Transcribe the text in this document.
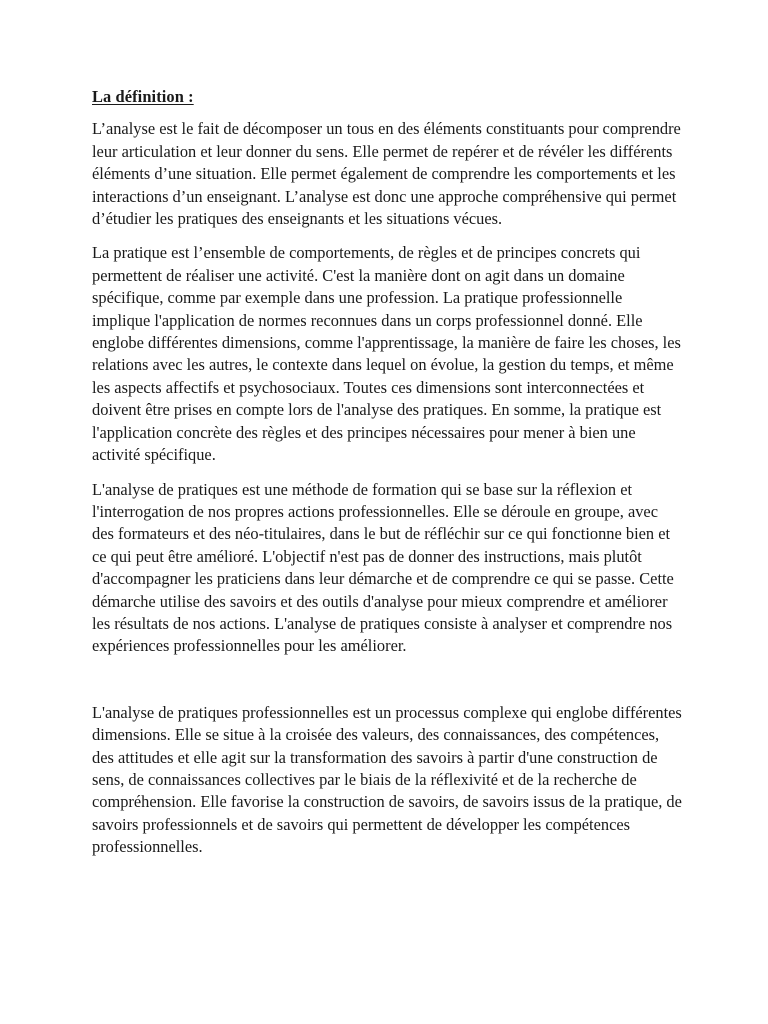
La définition :

L’analyse est le fait de décomposer un tous en des éléments constituants pour comprendre leur articulation et leur donner du sens. Elle permet de repérer et de révéler les différents éléments d’une situation. Elle permet également de comprendre les comportements et les interactions d’un enseignant. L’analyse est donc une approche compréhensive qui permet d’étudier les pratiques des enseignants et les situations vécues.

La pratique est l’ensemble de comportements, de règles et de principes concrets qui permettent de réaliser une activité. C'est la manière dont on agit dans un domaine spécifique, comme par exemple dans une profession. La pratique professionnelle implique l'application de normes reconnues dans un corps professionnel donné. Elle englobe différentes dimensions, comme l'apprentissage, la manière de faire les choses, les relations avec les autres, le contexte dans lequel on évolue, la gestion du temps, et même les aspects affectifs et psychosociaux. Toutes ces dimensions sont interconnectées et doivent être prises en compte lors de l'analyse des pratiques. En somme, la pratique est l'application concrète des règles et des principes nécessaires pour mener à bien une activité spécifique.

L'analyse de pratiques est une méthode de formation qui se base sur la réflexion et l'interrogation de nos propres actions professionnelles. Elle se déroule en groupe, avec des formateurs et des néo-titulaires, dans le but de réfléchir sur ce qui fonctionne bien et ce qui peut être amélioré. L'objectif n'est pas de donner des instructions, mais plutôt d'accompagner les praticiens dans leur démarche et de comprendre ce qui se passe. Cette démarche utilise des savoirs et des outils d'analyse pour mieux comprendre et améliorer les résultats de nos actions. L'analyse de pratiques consiste à analyser et comprendre nos expériences professionnelles pour les améliorer.

L'analyse de pratiques professionnelles est un processus complexe qui englobe différentes dimensions. Elle se situe à la croisée des valeurs, des connaissances, des compétences, des attitudes et elle agit sur la transformation des savoirs à partir d'une construction de sens, de connaissances collectives par le biais de la réflexivité et de la recherche de compréhension. Elle favorise la construction de savoirs, de savoirs issus de la pratique, de savoirs professionnels et de savoirs qui permettent de développer les compétences professionnelles.
